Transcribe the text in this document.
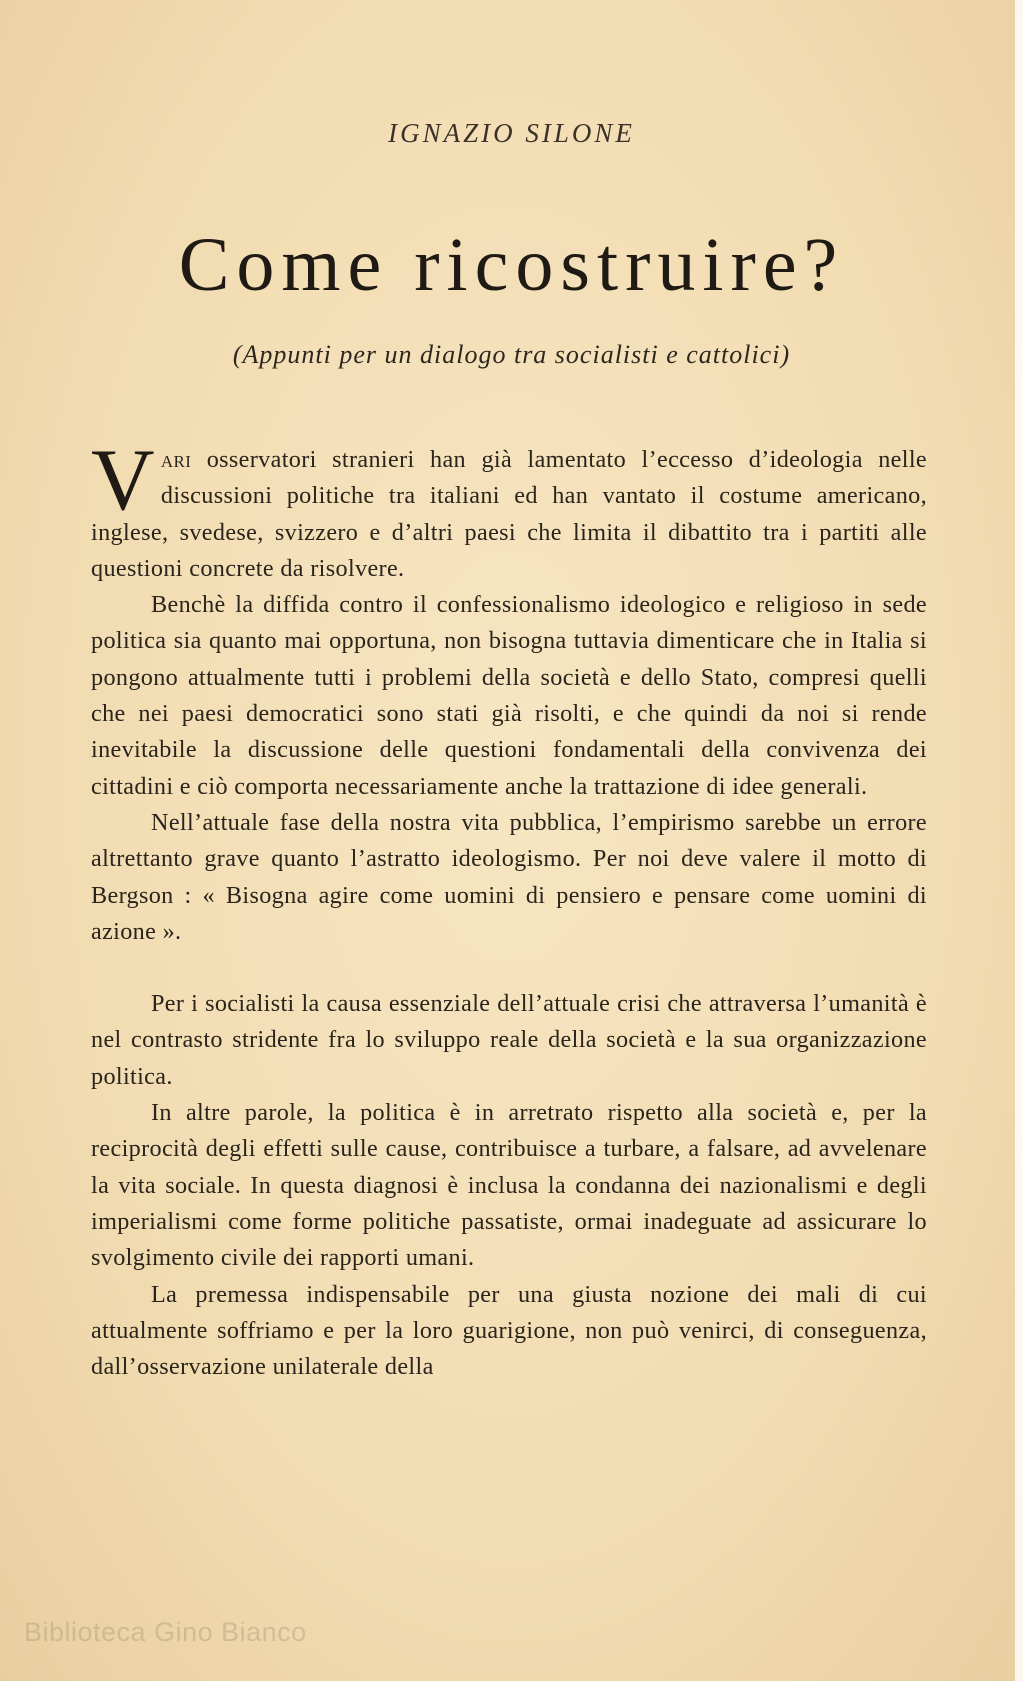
IGNAZIO SILONE
Come ricostruire?
(Appunti per un dialogo tra socialisti e cattolici)

Vari osservatori stranieri han già lamentato l’eccesso d’ideologia nelle discussioni politiche tra italiani ed han vantato il costume americano, inglese, svedese, svizzero e d’altri paesi che limita il dibattito tra i partiti alle questioni concrete da risolvere.

Benchè la diffida contro il confessionalismo ideologico e religioso in sede politica sia quanto mai opportuna, non bisogna tuttavia dimenticare che in Italia si pongono attualmente tutti i problemi della società e dello Stato, compresi quelli che nei paesi democratici sono stati già risolti, e che quindi da noi si rende inevitabile la discussione delle questioni fondamentali della convivenza dei cittadini e ciò comporta necessariamente anche la trattazione di idee generali.

Nell’attuale fase della nostra vita pubblica, l’empirismo sarebbe un errore altrettanto grave quanto l’astratto ideologismo. Per noi deve valere il motto di Bergson : « Bisogna agire come uomini di pensiero e pensare come uomini di azione ».

Per i socialisti la causa essenziale dell’attuale crisi che attraversa l’umanità è nel contrasto stridente fra lo sviluppo reale della società e la sua organizzazione politica.

In altre parole, la politica è in arretrato rispetto alla società e, per la reciprocità degli effetti sulle cause, contribuisce a turbare, a falsare, ad avvelenare la vita sociale. In questa diagnosi è inclusa la condanna dei nazionalismi e degli imperialismi come forme politiche passatiste, ormai inadeguate ad assicurare lo svolgimento civile dei rapporti umani.

La premessa indispensabile per una giusta nozione dei mali di cui attualmente soffriamo e per la loro guarigione, non può venirci, di conseguenza, dall’osservazione unilaterale della

Biblioteca Gino Bianco
